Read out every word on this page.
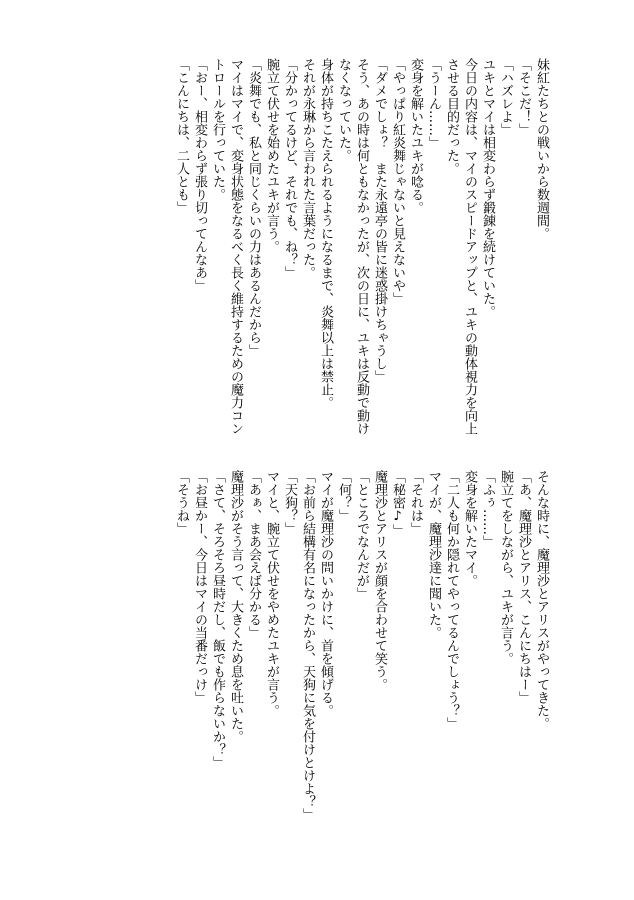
妹紅たちとの戦いから数週間。

「そこだ！」

「ハズレよ」

ユキとマイは相変わらず鍛錬を続けていた。

今日の内容は、マイのスピードアップと、ユキの動体視力を向上

させる目的だった。

「うーん……」

変身を解いたユキが唸る。

「やっぱり紅炎舞じゃないと見えないや」

「ダメでしょ？　また永遠亭の皆に迷惑掛けちゃうし」

そう、あの時は何ともなかったが、次の日に、ユキは反動で動け

なくなっていた。

身体が持ちこたえられるようになるまで、炎舞以上は禁止。

それが永琳から言われた言葉だった。

「分かってるけど、それでも、ね？」

腕立て伏せを始めたユキが言う。

「炎舞でも、私と同じくらいの力はあるんだから」

マイはマイで、変身状態をなるべく長く維持するための魔力コン

トロールを行っていた。

「おー、相変わらず張り切ってんなあ」

「こんにちは、二人とも」

そんな時に、魔理沙とアリスがやってきた。

「あ、魔理沙とアリス、こんにちはー」

腕立てをしながら、ユキが言う。

「ふぅ……」

変身を解いたマイ。

「二人も何か隠れてやってるんでしょう？」

マイが、魔理沙達に聞いた。

「それは」

「秘密♪」

魔理沙とアリスが顔を合わせて笑う。

「ところでなんだが」

「何？」

マイが魔理沙の問いかけに、首を傾げる。

「お前ら結構有名になったから、天狗に気を付けとけよ？」

「天狗？」

マイと、腕立て伏せをやめたユキが言う。

「あぁ、まあ会えば分かる」

魔理沙がそう言って、大きくため息を吐いた。

「さて、そろそろ昼時だし、飯でも作らないか？」

「お昼かー、今日はマイの当番だっけ」

「そうね」
